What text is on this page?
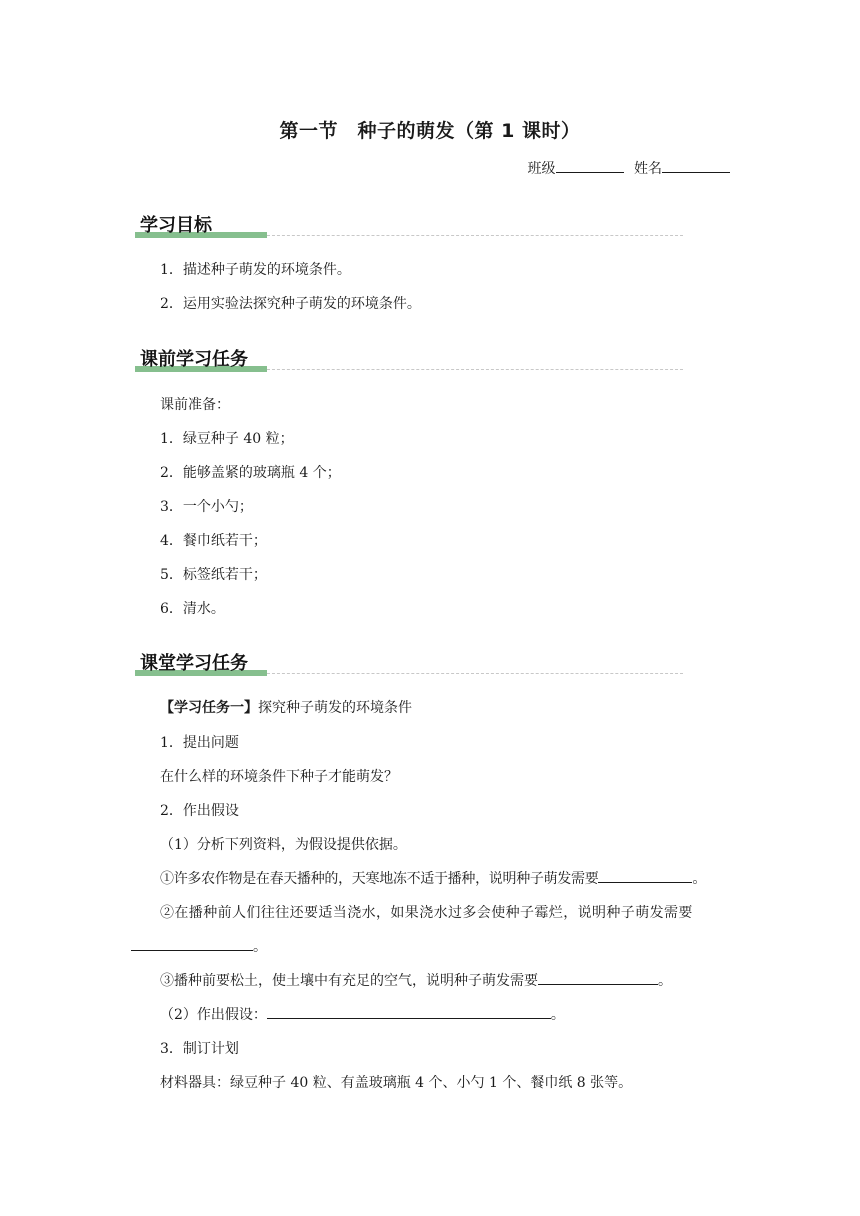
第一节　种子的萌发（第 1 课时）
班级	姓名
学习目标
1．描述种子萌发的环境条件。
2．运用实验法探究种子萌发的环境条件。
课前学习任务
课前准备：
1．绿豆种子 40 粒；
2．能够盖紧的玻璃瓶 4 个；
3．一个小勺；
4．餐巾纸若干；
5．标签纸若干；
6．清水。
课堂学习任务
【学习任务一】探究种子萌发的环境条件
1．提出问题
在什么样的环境条件下种子才能萌发？
2．作出假设
（1）分析下列资料，为假设提供依据。
①许多农作物是在春天播种的，天寒地冻不适于播种，说明种子萌发需要	。
②在播种前人们往往还要适当浇水，如果浇水过多会使种子霉烂，说明种子萌发需要
。
③播种前要松土，使土壤中有充足的空气，说明种子萌发需要	。
（2）作出假设：	。
3．制订计划
材料器具：绿豆种子 40 粒、有盖玻璃瓶 4 个、小勺 1 个、餐巾纸 8 张等。
